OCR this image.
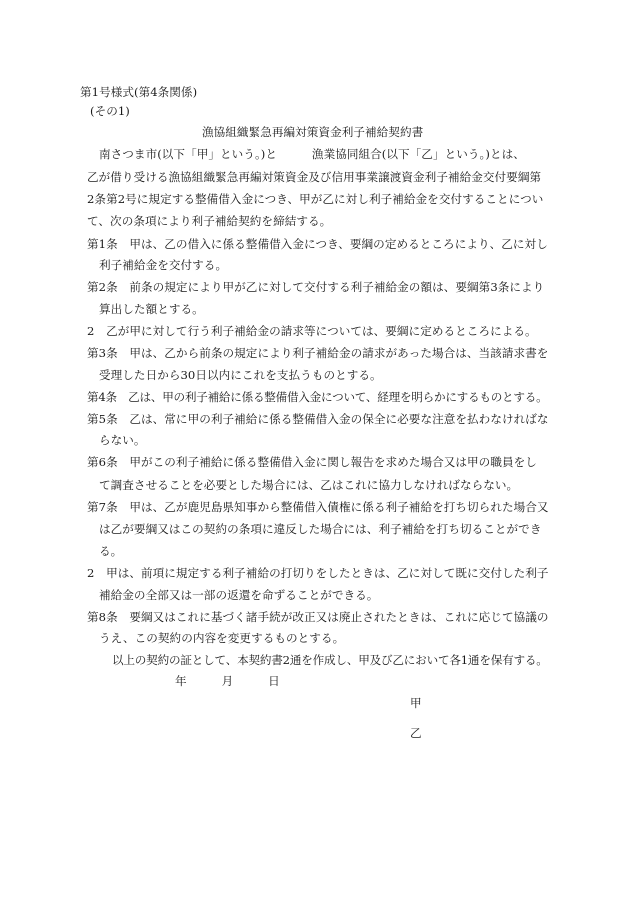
第1号様式(第4条関係)
(その1)
漁協組織緊急再編対策資金利子補給契約書
南さつま市(以下「甲」という。)と　　　漁業協同組合(以下「乙」という。)とは、
乙が借り受ける漁協組織緊急再編対策資金及び信用事業譲渡資金利子補給金交付要綱第
2条第2号に規定する整備借入金につき、甲が乙に対し利子補給金を交付することについ
て、次の条項により利子補給契約を締結する。
第1条　甲は、乙の借入に係る整備借入金につき、要綱の定めるところにより、乙に対し
利子補給金を交付する。
第2条　前条の規定により甲が乙に対して交付する利子補給金の額は、要綱第3条により
算出した額とする。
2　乙が甲に対して行う利子補給金の請求等については、要綱に定めるところによる。
第3条　甲は、乙から前条の規定により利子補給金の請求があった場合は、当該請求書を
受理した日から30日以内にこれを支払うものとする。
第4条　乙は、甲の利子補給に係る整備借入金について、経理を明らかにするものとする。
第5条　乙は、常に甲の利子補給に係る整備借入金の保全に必要な注意を払わなければな
らない。
第6条　甲がこの利子補給に係る整備借入金に関し報告を求めた場合又は甲の職員をし
て調査させることを必要とした場合には、乙はこれに協力しなければならない。
第7条　甲は、乙が鹿児島県知事から整備借入債権に係る利子補給を打ち切られた場合又
は乙が要綱又はこの契約の条項に違反した場合には、利子補給を打ち切ることができ
る。
2　甲は、前項に規定する利子補給の打切りをしたときは、乙に対して既に交付した利子
補給金の全部又は一部の返還を命ずることができる。
第8条　要綱又はこれに基づく諸手続が改正又は廃止されたときは、これに応じて協議の
うえ、この契約の内容を変更するものとする。
以上の契約の証として、本契約書2通を作成し、甲及び乙において各1通を保有する。
年　　　月　　　日
甲
乙
